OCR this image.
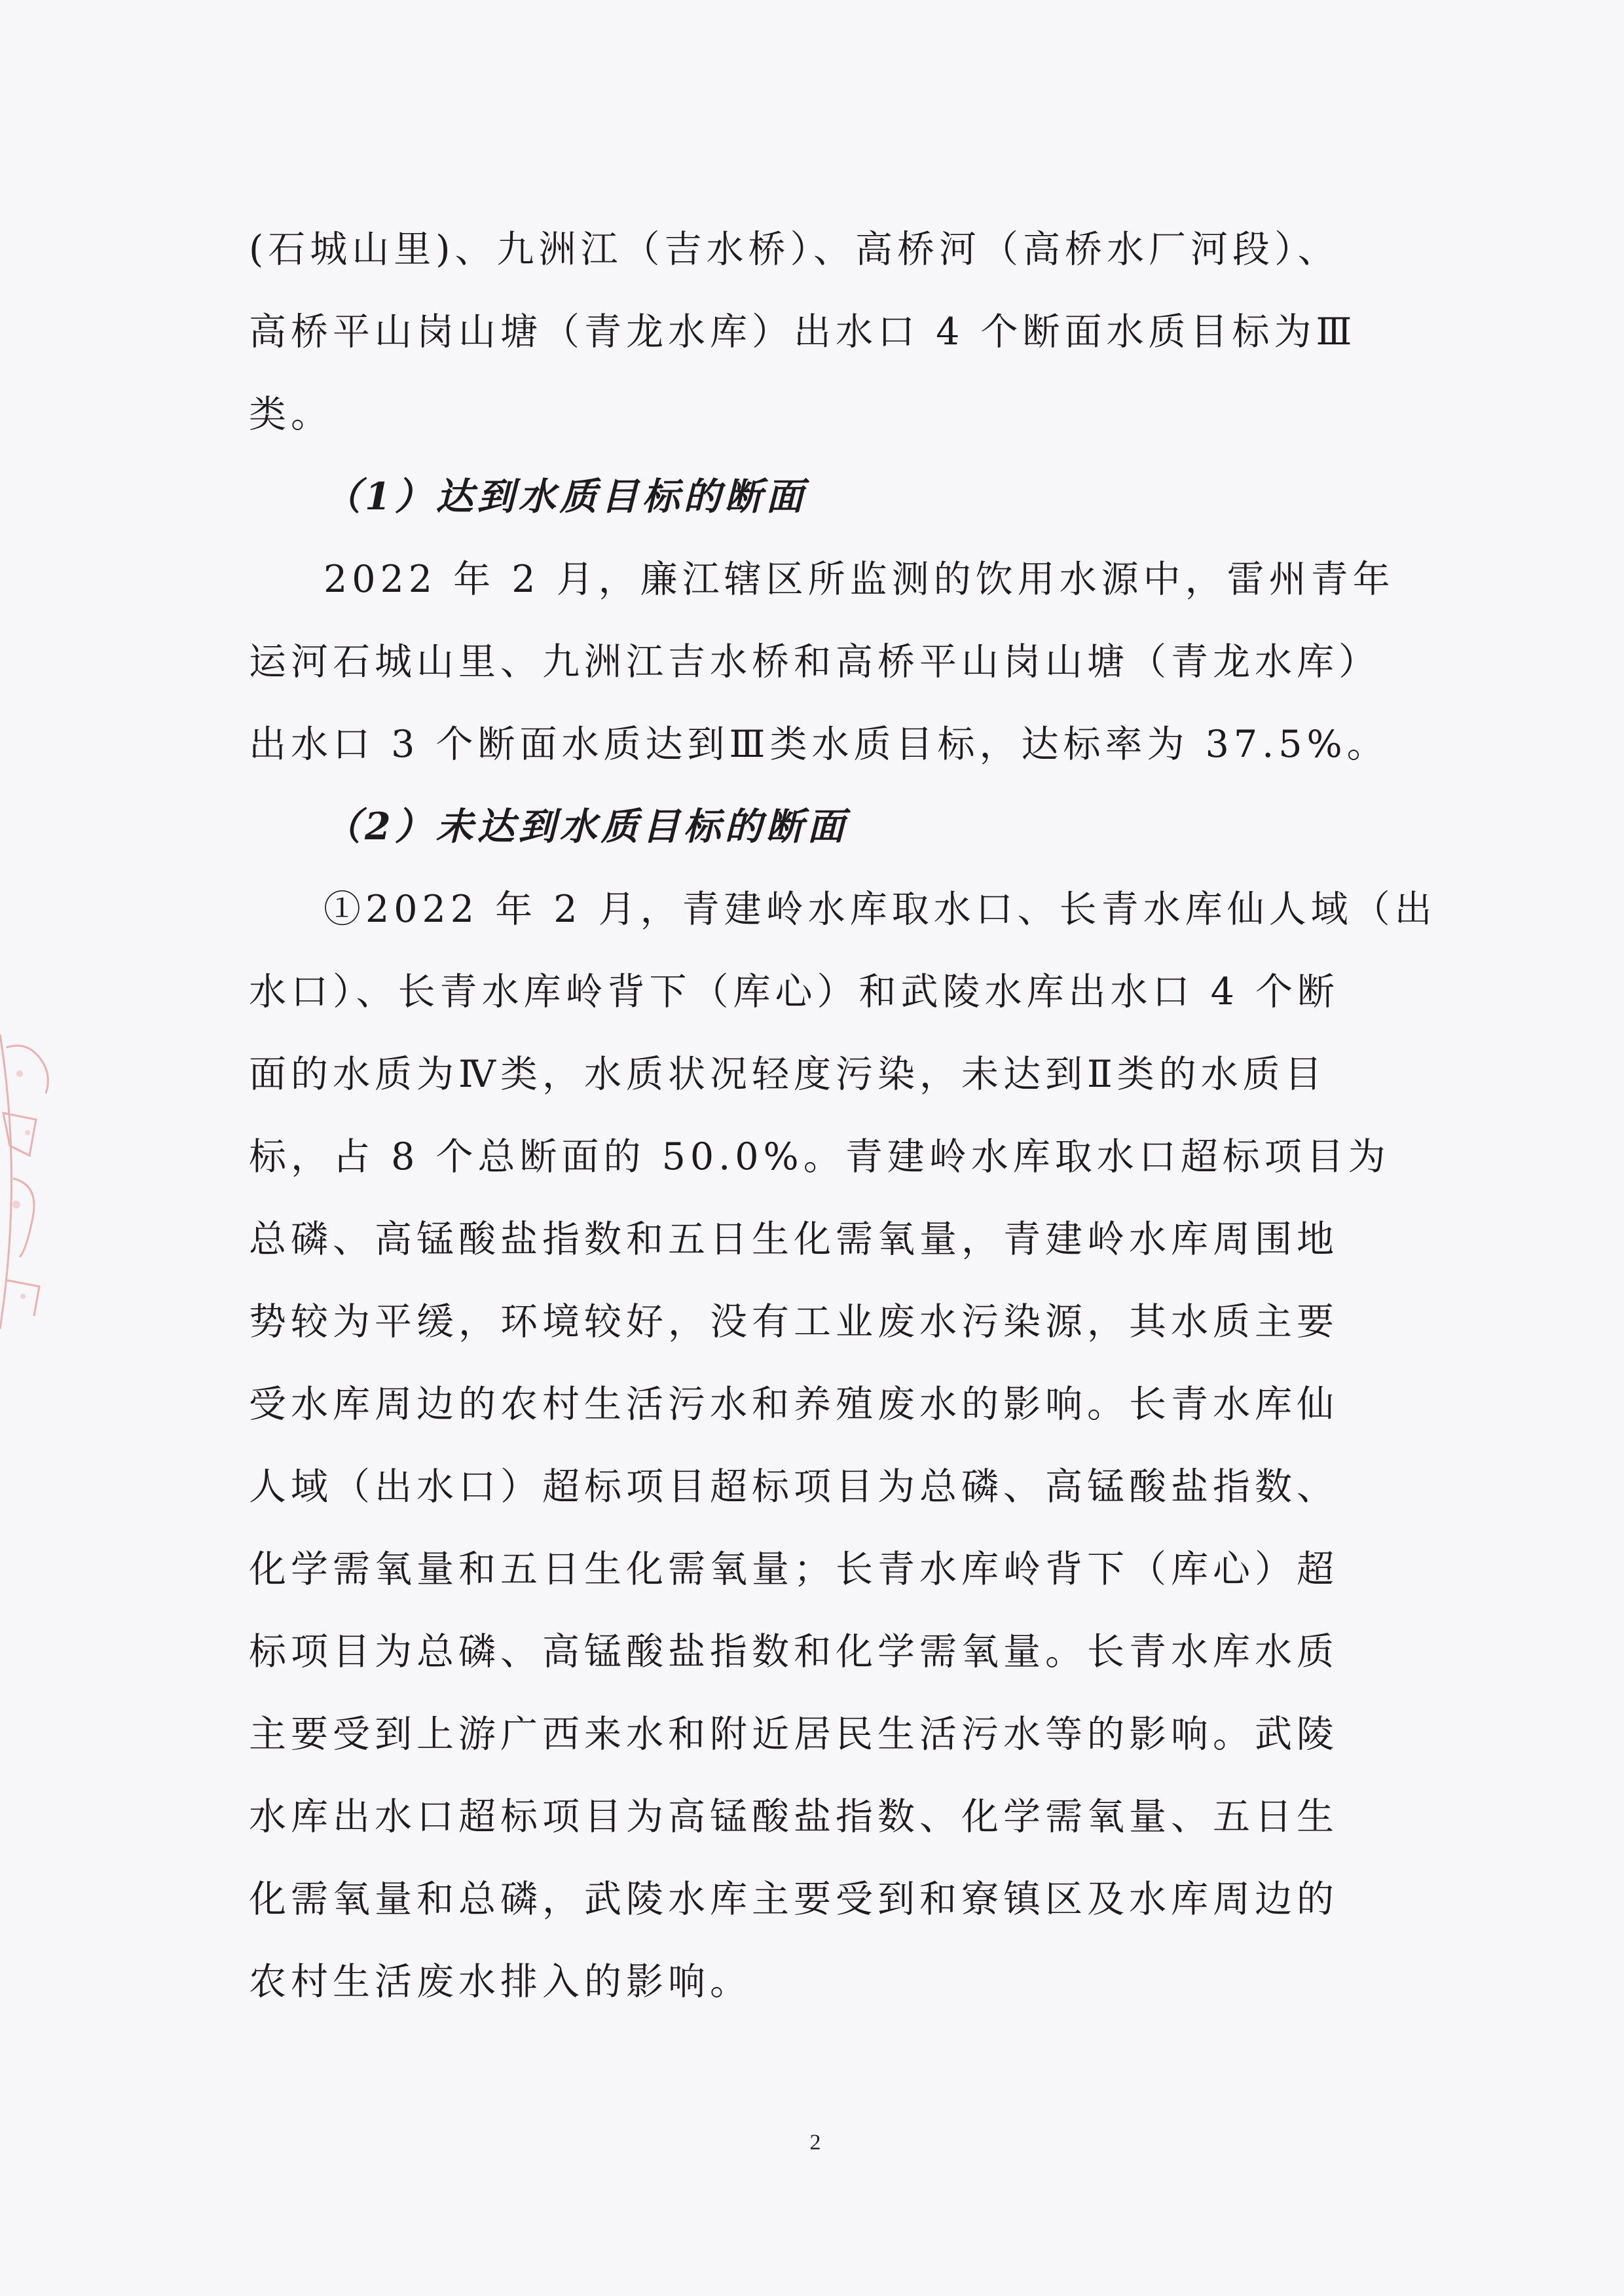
(石城山里)、九洲江（吉水桥）、高桥河（高桥水厂河段）、
高桥平山岗山塘（青龙水库）出水口 4 个断面水质目标为Ⅲ
类。
（1）达到水质目标的断面
2022 年 2 月，廉江辖区所监测的饮用水源中，雷州青年
运河石城山里、九洲江吉水桥和高桥平山岗山塘（青龙水库）
出水口 3 个断面水质达到Ⅲ类水质目标，达标率为 37.5%。
（2）未达到水质目标的断面
①2022 年 2 月，青建岭水库取水口、长青水库仙人域（出
水口）、长青水库岭背下（库心）和武陵水库出水口 4 个断
面的水质为Ⅳ类，水质状况轻度污染，未达到Ⅱ类的水质目
标，占 8 个总断面的 50.0%。青建岭水库取水口超标项目为
总磷、高锰酸盐指数和五日生化需氧量，青建岭水库周围地
势较为平缓，环境较好，没有工业废水污染源，其水质主要
受水库周边的农村生活污水和养殖废水的影响。长青水库仙
人域（出水口）超标项目超标项目为总磷、高锰酸盐指数、
化学需氧量和五日生化需氧量；长青水库岭背下（库心）超
标项目为总磷、高锰酸盐指数和化学需氧量。长青水库水质
主要受到上游广西来水和附近居民生活污水等的影响。武陵
水库出水口超标项目为高锰酸盐指数、化学需氧量、五日生
化需氧量和总磷，武陵水库主要受到和寮镇区及水库周边的
农村生活废水排入的影响。
2
